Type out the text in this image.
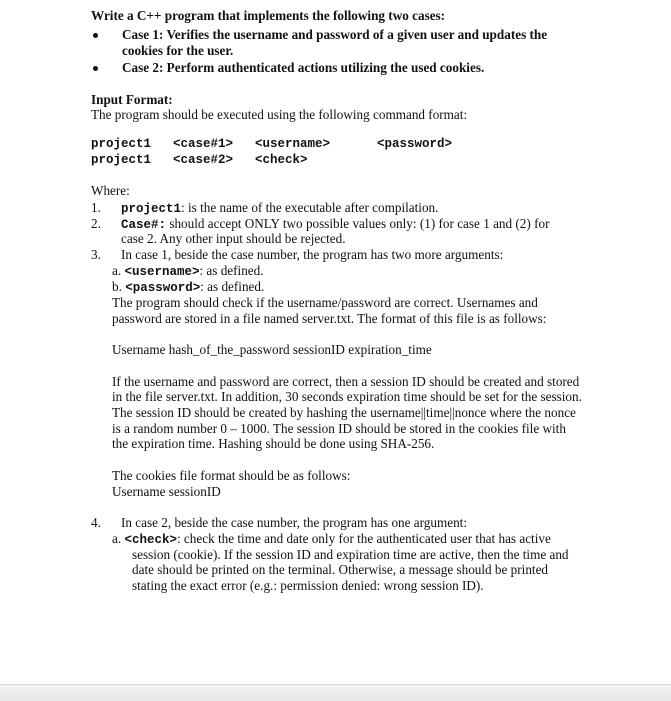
Write a C++ program that implements the following two cases:
Case 1: Verifies the username and password of a given user and updates the
cookies for the user.
Case 2: Perform authenticated actions utilizing the used cookies.
Input Format:
The program should be executed using the following command format:
project1 <case#1> <username>	<password>
project1 <case#2> <check>
Where:
1. project1: is the name of the executable after compilation.
2. Case#: should accept ONLY two possible values only: (1) for case 1 and (2) for
case 2. Any other input should be rejected.
3. In case 1, beside the case number, the program has two more arguments:
a. <username>: as defined.
b. <password>: as defined.
The program should check if the username/password are correct. Usernames and
password are stored in a file named server.txt. The format of this file is as follows:
Username hash_of_the_password sessionID expiration_time
If the username and password are correct, then a session ID should be created and stored
in the file server.txt. In addition, 30 seconds expiration time should be set for the session.
The session ID should be created by hashing the username||time||nonce where the nonce
is a random number 0 – 1000. The session ID should be stored in the cookies file with
the expiration time. Hashing should be done using SHA-256.
The cookies file format should be as follows:
Username sessionID
4. In case 2, beside the case number, the program has one argument:
a. <check>: check the time and date only for the authenticated user that has active
session (cookie). If the session ID and expiration time are active, then the time and
date should be printed on the terminal. Otherwise, a message should be printed
stating the exact error (e.g.: permission denied: wrong session ID).
